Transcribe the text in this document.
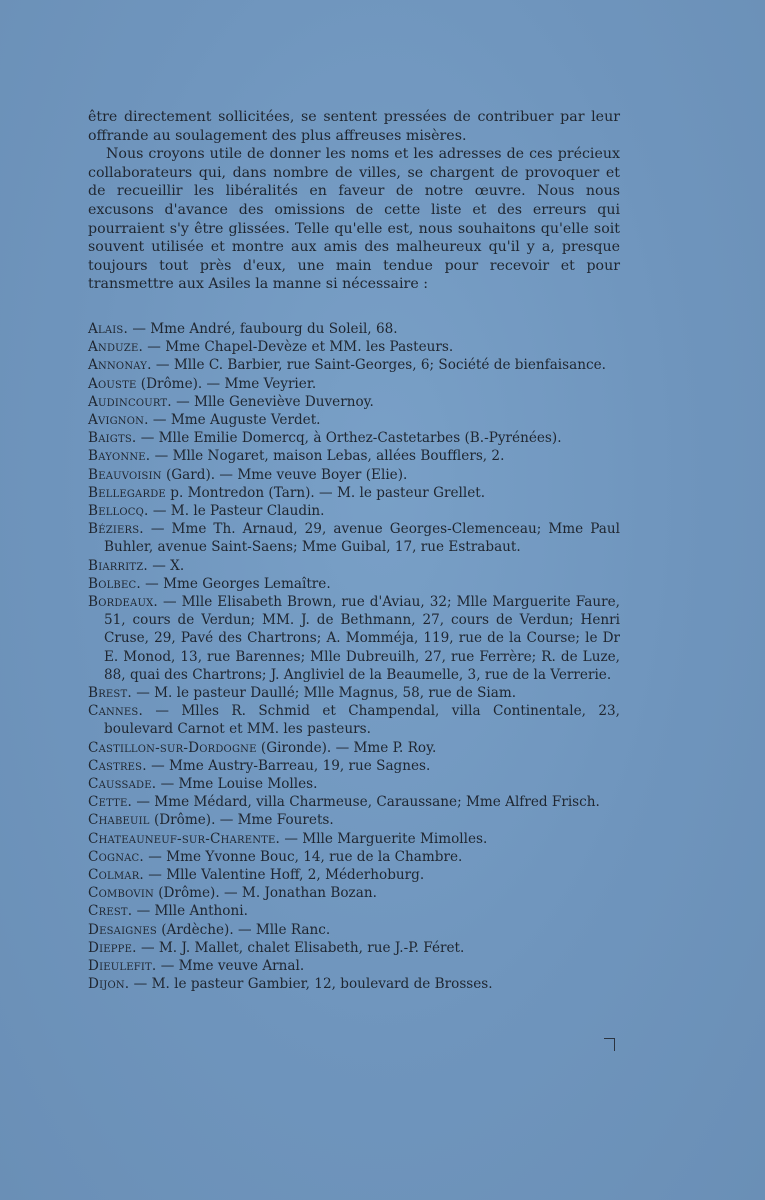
être directement sollicitées, se sentent pressées de contribuer par leur offrande au soulagement des plus affreuses misères.

Nous croyons utile de donner les noms et les adresses de ces précieux collaborateurs qui, dans nombre de villes, se chargent de provoquer et de recueillir les libéralités en faveur de notre œuvre. Nous nous excusons d'avance des omissions de cette liste et des erreurs qui pourraient s'y être glissées. Telle qu'elle est, nous souhaitons qu'elle soit souvent utilisée et montre aux amis des malheureux qu'il y a, presque toujours tout près d'eux, une main tendue pour recevoir et pour transmettre aux Asiles la manne si nécessaire :

Alais. — Mme André, faubourg du Soleil, 68.
Anduze. — Mme Chapel-Devèze et MM. les Pasteurs.
Annonay. — Mlle C. Barbier, rue Saint-Georges, 6; Société de bienfaisance.
Aouste (Drôme). — Mme Veyrier.
Audincourt. — Mlle Geneviève Duvernoy.
Avignon. — Mme Auguste Verdet.
Baigts. — Mlle Emilie Domercq, à Orthez-Castetarbes (B.-Pyrénées).
Bayonne. — Mlle Nogaret, maison Lebas, allées Boufflers, 2.
Beauvoisin (Gard). — Mme veuve Boyer (Elie).
Bellegarde p. Montredon (Tarn). — M. le pasteur Grellet.
Bellocq. — M. le Pasteur Claudin.
Béziers. — Mme Th. Arnaud, 29, avenue Georges-Clemenceau; Mme Paul Buhler, avenue Saint-Saens; Mme Guibal, 17, rue Estrabaut.
Biarritz. — X.
Bolbec. — Mme Georges Lemaître.
Bordeaux. — Mlle Elisabeth Brown, rue d'Aviau, 32; Mlle Marguerite Faure, 51, cours de Verdun; MM. J. de Bethmann, 27, cours de Verdun; Henri Cruse, 29, Pavé des Chartrons; A. Momméja, 119, rue de la Course; le Dr E. Monod, 13, rue Barennes; Mlle Dubreuilh, 27, rue Ferrère; R. de Luze, 88, quai des Chartrons; J. Angliviel de la Beaumelle, 3, rue de la Verrerie.
Brest. — M. le pasteur Daullé; Mlle Magnus, 58, rue de Siam.
Cannes. — Mlles R. Schmid et Champendal, villa Continentale, 23, boulevard Carnot et MM. les pasteurs.
Castillon-sur-Dordogne (Gironde). — Mme P. Roy.
Castres. — Mme Austry-Barreau, 19, rue Sagnes.
Caussade. — Mme Louise Molles.
Cette. — Mme Médard, villa Charmeuse, Caraussane; Mme Alfred Frisch.
Chabeuil (Drôme). — Mme Fourets.
Chateauneuf-sur-Charente. — Mlle Marguerite Mimolles.
Cognac. — Mme Yvonne Bouc, 14, rue de la Chambre.
Colmar. — Mlle Valentine Hoff, 2, Méderhoburg.
Combovin (Drôme). — M. Jonathan Bozan.
Crest. — Mlle Anthoni.
Desaignes (Ardèche). — Mlle Ranc.
Dieppe. — M. J. Mallet, chalet Elisabeth, rue J.-P. Féret.
Dieulefit. — Mme veuve Arnal.
Dijon. — M. le pasteur Gambier, 12, boulevard de Brosses.
